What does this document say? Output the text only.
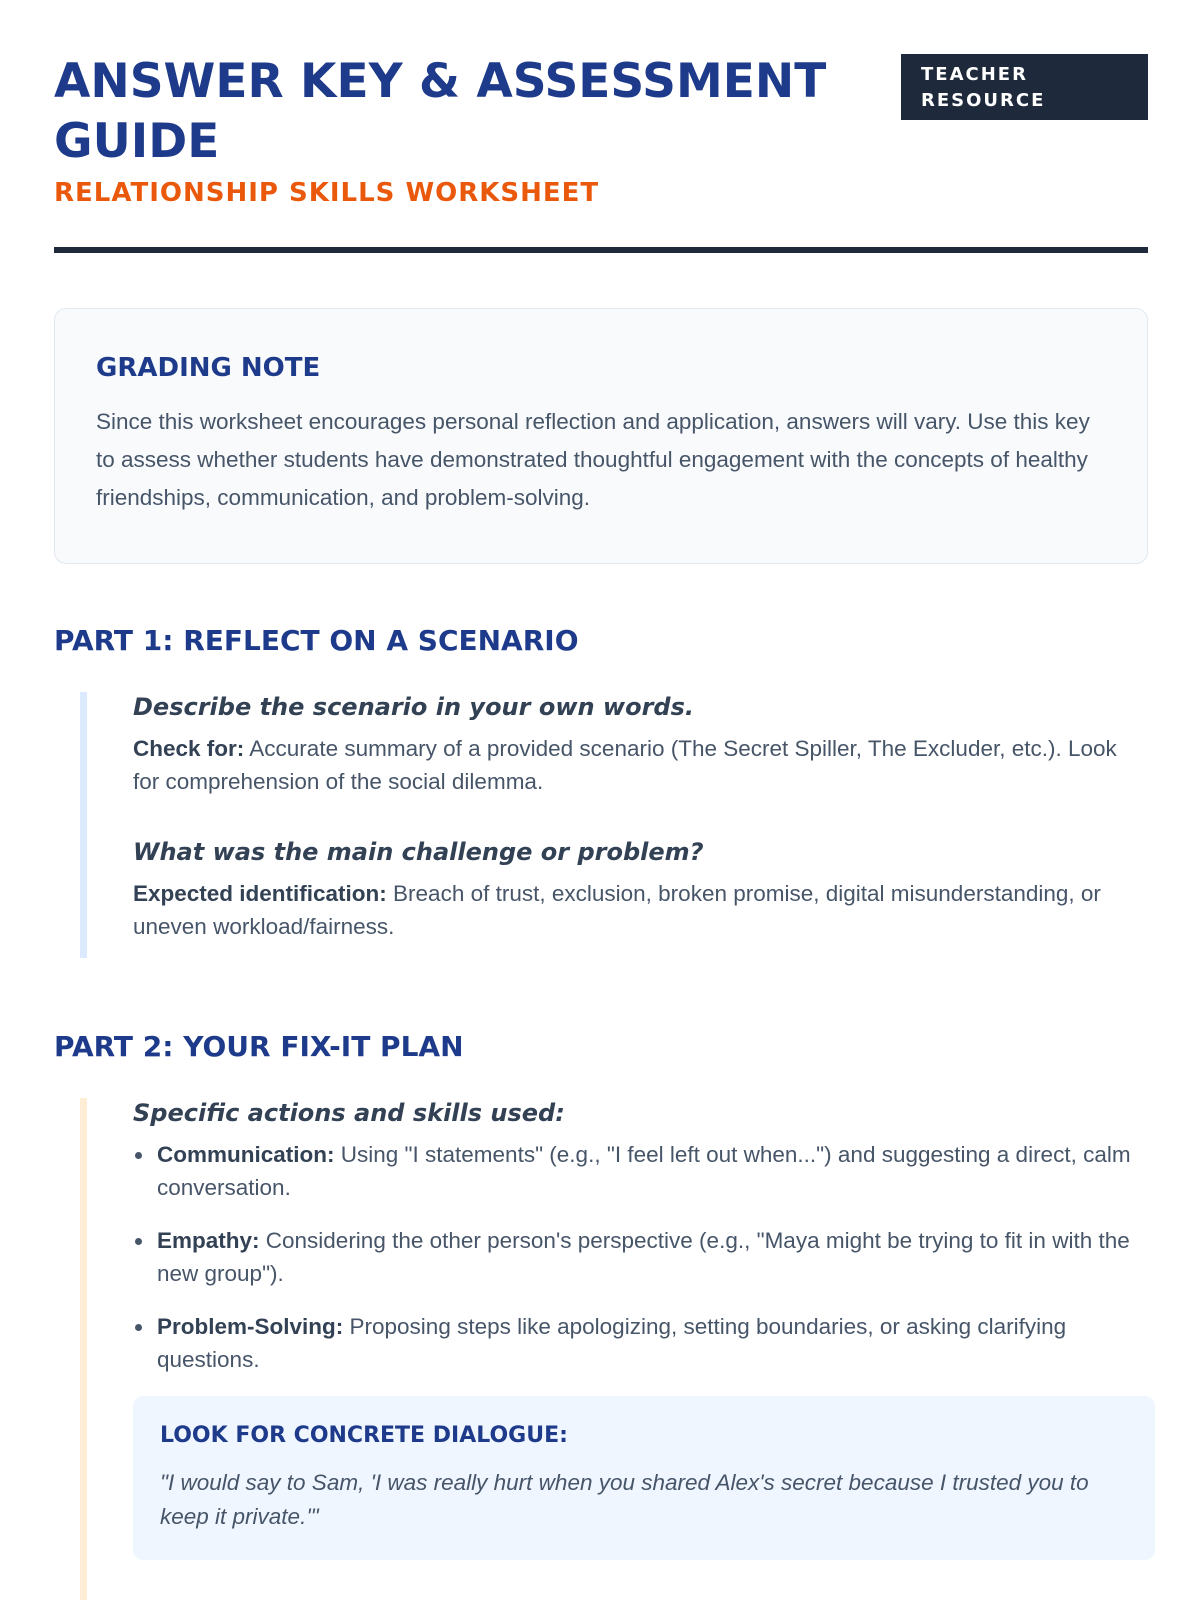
ANSWER KEY & ASSESSMENT GUIDE
RELATIONSHIP SKILLS WORKSHEET
TEACHER
RESOURCE
GRADING NOTE

Since this worksheet encourages personal reflection and application, answers will vary. Use this key to assess whether students have demonstrated thoughtful engagement with the concepts of healthy friendships, communication, and problem-solving.

PART 1: REFLECT ON A SCENARIO
Describe the scenario in your own words.

Check for: Accurate summary of a provided scenario (The Secret Spiller, The Excluder, etc.). Look for comprehension of the social dilemma.

What was the main challenge or problem?

Expected identification: Breach of trust, exclusion, broken promise, digital misunderstanding, or uneven workload/fairness.

PART 2: YOUR FIX-IT PLAN
Specific actions and skills used:
Communication: Using "I statements" (e.g., "I feel left out when...") and suggesting a direct, calm conversation.
Empathy: Considering the other person's perspective (e.g., "Maya might be trying to fit in with the new group").
Problem-Solving: Proposing steps like apologizing, setting boundaries, or asking clarifying questions.
LOOK FOR CONCRETE DIALOGUE:

"I would say to Sam, 'I was really hurt when you shared Alex's secret because I trusted you to keep it private.'"
